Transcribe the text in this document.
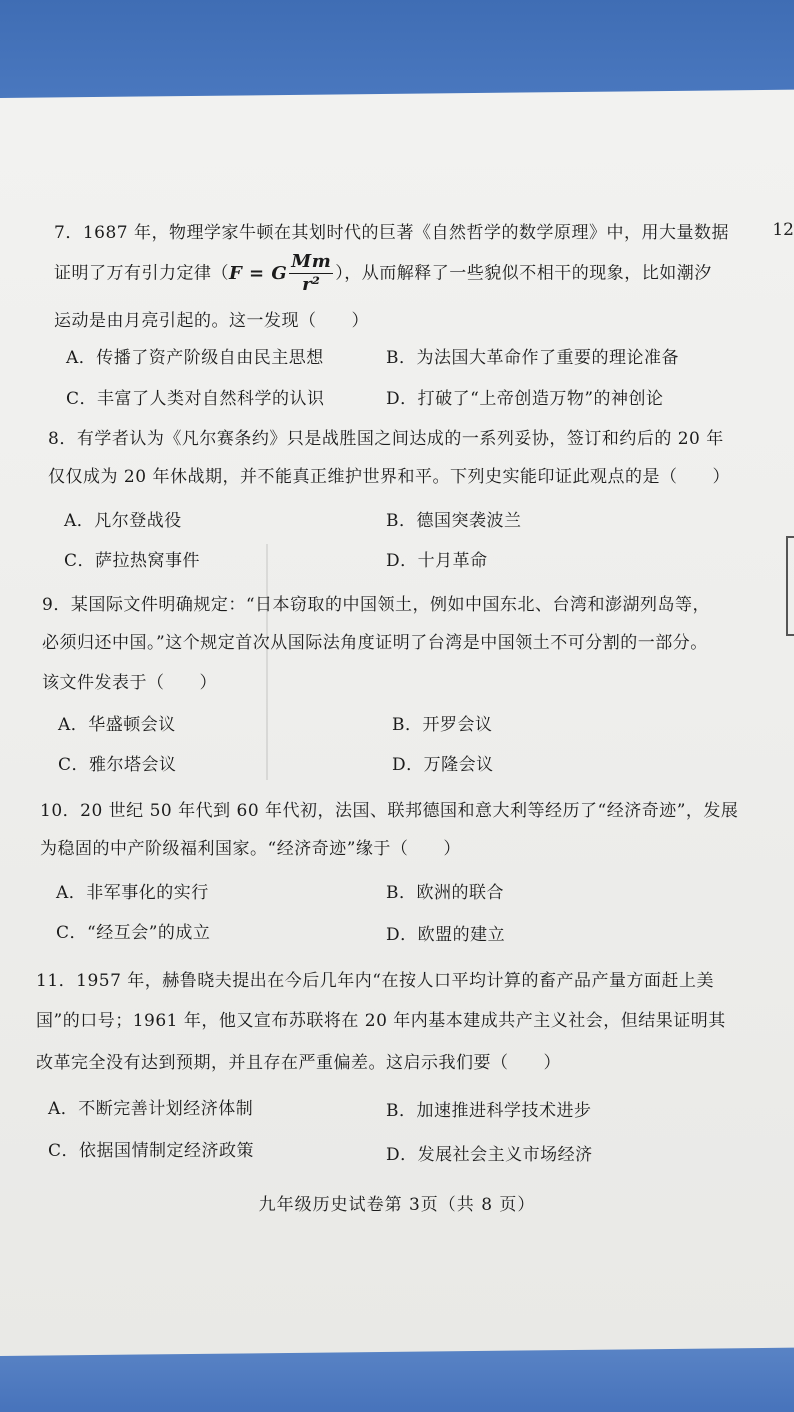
12
7．1687 年，物理学家牛顿在其划时代的巨著《自然哲学的数学原理》中，用大量数据
证明了万有引力定律（F = G $\frac{Mm}{\text{r²}}$ ），从而解释了一些貌似不相干的现象，比如潮汐
运动是由月亮引起的。这一发现（　　）
A．传播了资产阶级自由民主思想	B．为法国大革命作了重要的理论准备
C．丰富了人类对自然科学的认识	D．打破了“上帝创造万物”的神创论
8．有学者认为《凡尔赛条约》只是战胜国之间达成的一系列妥协，签订和约后的 20 年
仅仅成为 20 年休战期，并不能真正维护世界和平。下列史实能印证此观点的是（　　）
A．凡尔登战役	B．德国突袭波兰
C．萨拉热窝事件	D．十月革命
9．某国际文件明确规定：“日本窃取的中国领土，例如中国东北、台湾和澎湖列岛等，
必须归还中国。”这个规定首次从国际法角度证明了台湾是中国领土不可分割的一部分。
该文件发表于（　　）
A．华盛顿会议	B．开罗会议
C．雅尔塔会议	D．万隆会议
10．20 世纪 50 年代到 60 年代初，法国、联邦德国和意大利等经历了“经济奇迹”，发展
为稳固的中产阶级福利国家。“经济奇迹”缘于（　　）
A．非军事化的实行	B．欧洲的联合
C．“经互会”的成立	D．欧盟的建立
11．1957 年，赫鲁晓夫提出在今后几年内“在按人口平均计算的畜产品产量方面赶上美
国”的口号；1961 年，他又宣布苏联将在 20 年内基本建成共产主义社会，但结果证明其
改革完全没有达到预期，并且存在严重偏差。这启示我们要（　　）
A．不断完善计划经济体制	B．加速推进科学技术进步
C．依据国情制定经济政策	D．发展社会主义市场经济
九年级历史试卷第 3页（共 8 页）
